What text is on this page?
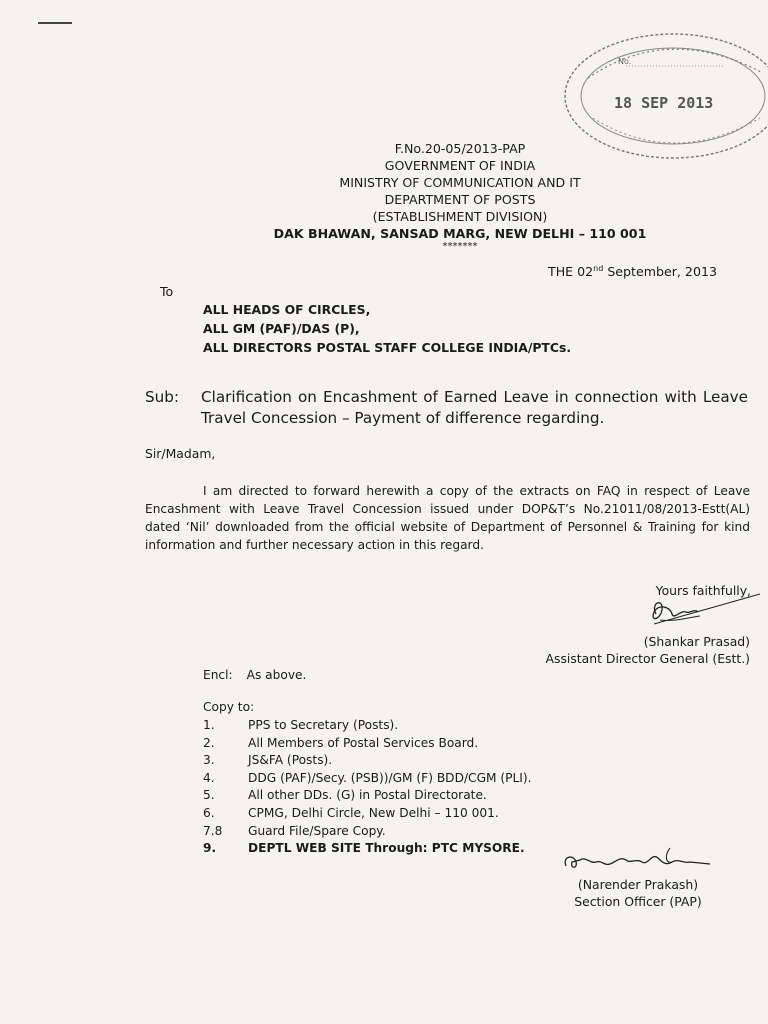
No.
18 SEP 2013
F.No.20-05/2013-PAP
GOVERNMENT OF INDIA
MINISTRY OF COMMUNICATION AND IT
DEPARTMENT OF POSTS
(ESTABLISHMENT DIVISION)
DAK BHAWAN, SANSAD MARG, NEW DELHI – 110 001
*******
THE 02nd September, 2013
To
ALL HEADS OF CIRCLES,
ALL GM (PAF)/DAS (P),
ALL DIRECTORS POSTAL STAFF COLLEGE INDIA/PTCs.
Sub: Clarification on Encashment of Earned Leave in connection with Leave Travel Concession – Payment of difference regarding.
Sir/Madam,
I am directed to forward herewith a copy of the extracts on FAQ in respect of Leave Encashment with Leave Travel Concession issued under DOP&T’s No.21011/08/2013-Estt(AL) dated ‘Nil’ downloaded from the official website of Department of Personnel & Training for kind information and further necessary action in this regard.
Yours faithfully,
(Shankar Prasad)
Assistant Director General (Estt.)
Encl: As above.
Copy to:
1.	PPS to Secretary (Posts).
2.	All Members of Postal Services Board.
3.	JS&FA (Posts).
4.	DDG (PAF)/Secy. (PSB))/GM (F) BDD/CGM (PLI).
5.	All other DDs. (G) in Postal Directorate.
6.	CPMG, Delhi Circle, New Delhi – 110 001.
7.8	Guard File/Spare Copy.
9.	DEPTL WEB SITE Through: PTC MYSORE.
(Narender Prakash)
Section Officer (PAP)
